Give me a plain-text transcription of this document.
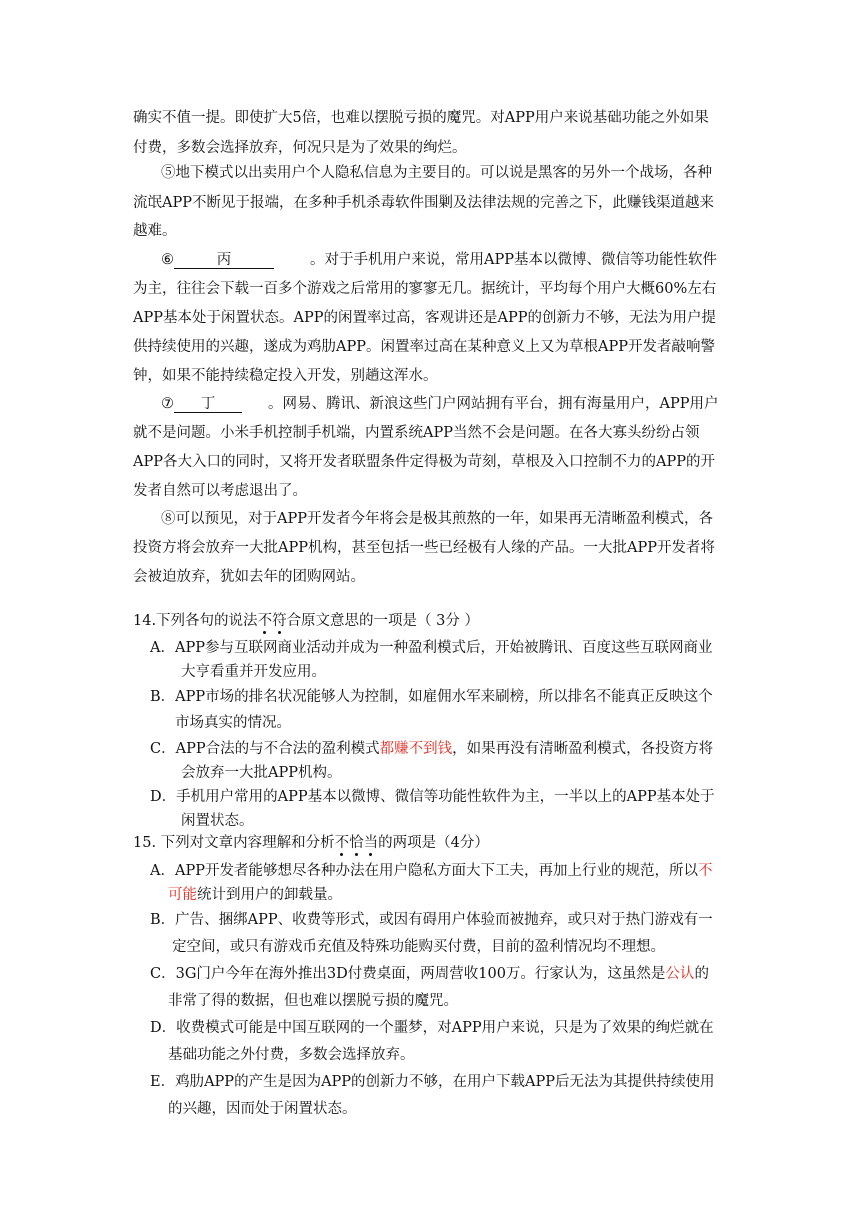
确实不值一提。即使扩大5倍，也难以摆脱亏损的魔咒。对APP用户来说基础功能之外如果
付费，多数会选择放弃，何况只是为了效果的绚烂。
⑤地下模式以出卖用户个人隐私信息为主要目的。可以说是黑客的另外一个战场，各种
流氓APP不断见于报端，在多种手机杀毒软件围剿及法律法规的完善之下，此赚钱渠道越来
越难。
⑥	丙	。对于手机用户来说，常用APP基本以微博、微信等功能性软件
为主，往往会下载一百多个游戏之后常用的寥寥无几。据统计，平均每个用户大概60%左右
APP基本处于闲置状态。APP的闲置率过高，客观讲还是APP的创新力不够，无法为用户提
供持续使用的兴趣，遂成为鸡肋APP。闲置率过高在某种意义上又为草根APP开发者敲响警
钟，如果不能持续稳定投入开发，别趟这浑水。
⑦ 丁	。网易、腾讯、新浪这些门户网站拥有平台，拥有海量用户，APP用户
就不是问题。小米手机控制手机端，内置系统APP当然不会是问题。在各大寡头纷纷占领
APP各大入口的同时，又将开发者联盟条件定得极为苛刻，草根及入口控制不力的APP的开
发者自然可以考虑退出了。
⑧可以预见，对于APP开发者今年将会是极其煎熬的一年，如果再无清晰盈利模式，各
投资方将会放弃一大批APP机构，甚至包括一些已经极有人缘的产品。一大批APP开发者将
会被迫放弃，犹如去年的团购网站。
14.下列各句的说法不符合原文意思的一项是（ 3分 ）
A．APP参与互联网商业活动并成为一种盈利模式后，开始被腾讯、百度这些互联网商业
大亨看重并开发应用。
B．APP市场的排名状况能够人为控制，如雇佣水军来刷榜，所以排名不能真正反映这个
市场真实的情况。
C．APP合法的与不合法的盈利模式都赚不到钱，如果再没有清晰盈利模式，各投资方将
会放弃一大批APP机构。
D．手机用户常用的APP基本以微博、微信等功能性软件为主，一半以上的APP基本处于
闲置状态。
15. 下列对文章内容理解和分析不恰当的两项是（4分）
A．APP开发者能够想尽各种办法在用户隐私方面大下工夫，再加上行业的规范，所以不
可能统计到用户的卸载量。
B．广告、捆绑APP、收费等形式，或因有碍用户体验而被抛弃，或只对于热门游戏有一
定空间，或只有游戏币充值及特殊功能购买付费，目前的盈利情况均不理想。
C．3G门户今年在海外推出3D付费桌面，两周营收100万。行家认为，这虽然是公认的
非常了得的数据，但也难以摆脱亏损的魔咒。
D．收费模式可能是中国互联网的一个噩梦，对APP用户来说，只是为了效果的绚烂就在
基础功能之外付费，多数会选择放弃。
E．鸡肋APP的产生是因为APP的创新力不够，在用户下载APP后无法为其提供持续使用
的兴趣，因而处于闲置状态。
